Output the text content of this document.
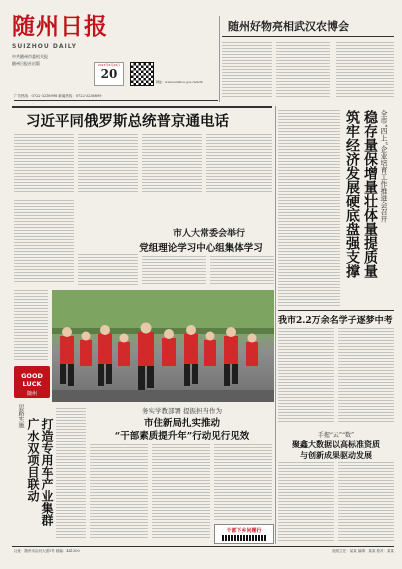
随州日报
SUIZHOU DAILY
中共随州市委机关报
随州日报社出版	2023年6月20日
20
网址：www.suizhou.gov.cn/szrb
广告热线：0722-3218998 新闻热线：0722-3236899
随州好物亮相武汉农博会
习近平同俄罗斯总统普京通电话	全市“四上”企业培育工作推进会召开
稳存量保增量壮体量提质量
筑牢经济发展硬底盘强支撑
市人大常委会举行
党组理论学习中心组集体学习
我市2.2万余名学子逐梦中考
GOOD LUCK
随州
思路实施
广水双项目联动 打造专用车产业集群
务实学教部署 提振担当作为
市住新局扎实推动
“干部素质提升年”行动见行见效
干部下乡问题行
手握“云”“数”
聚鑫大数据以高标准资质
与创新成果驱动发展
社址：随州市沿河大道1号 邮编：441300	值班主任：某某 编辑：某某 校对：某某
